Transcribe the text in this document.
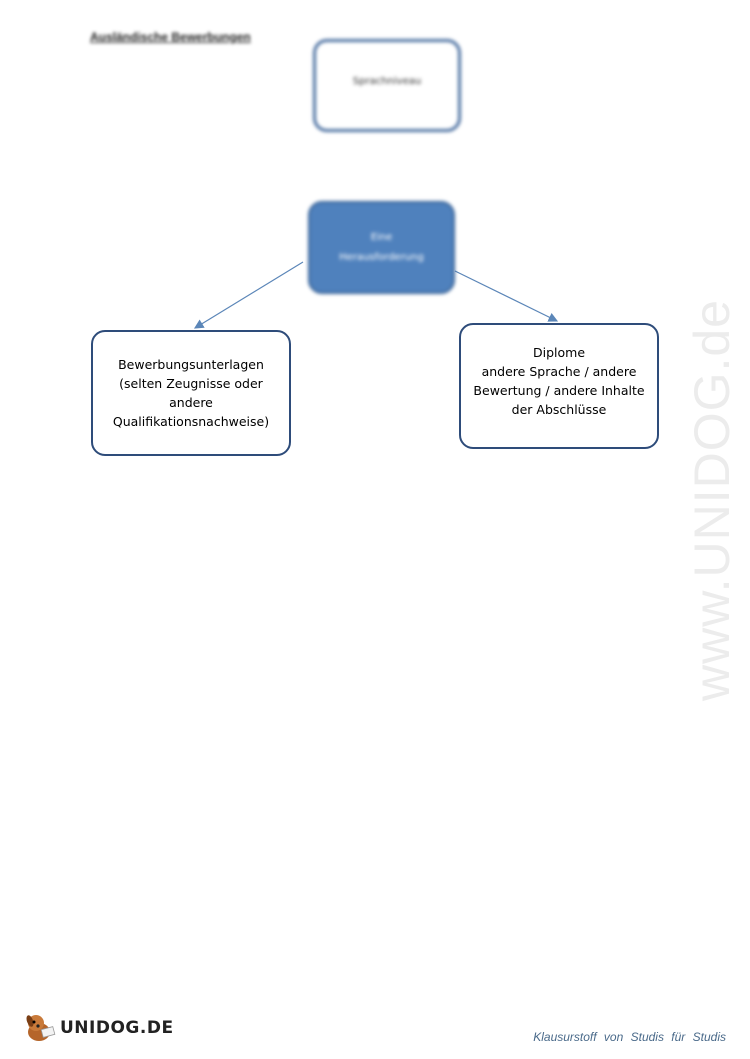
Ausländische Bewerbungen
Sprachniveau
Eine
Herausforderung
Bewerbungsunterlagen
(selten Zeugnisse oder
andere
Qualifikationsnachweise)
Diplome
andere Sprache / andere
Bewertung / andere Inhalte
der Abschlüsse	www.UNIDOG.de
UNIDOG.DE	Klausurstoff von Studis für Studis
